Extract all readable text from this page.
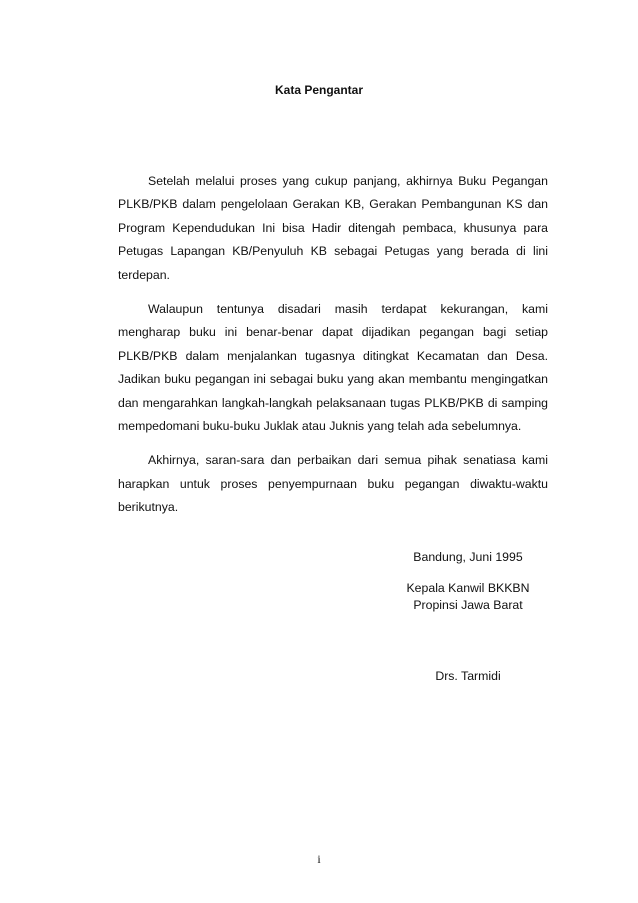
Kata Pengantar

Setelah melalui proses yang cukup panjang, akhirnya Buku Pegangan PLKB/PKB dalam pengelolaan Gerakan KB, Gerakan Pembangunan KS dan Program Kependudukan Ini bisa Hadir ditengah pembaca, khusunya para Petugas Lapangan KB/Penyuluh KB sebagai Petugas yang berada di lini terdepan.

Walaupun tentunya disadari masih terdapat kekurangan, kami mengharap buku ini benar-benar dapat dijadikan pegangan bagi setiap PLKB/PKB dalam menjalankan tugasnya ditingkat Kecamatan dan Desa. Jadikan buku pegangan ini sebagai buku yang akan membantu mengingatkan dan mengarahkan langkah-langkah pelaksanaan tugas PLKB/PKB di samping mempedomani buku-buku Juklak atau Juknis yang telah ada sebelumnya.

Akhirnya, saran-sara dan perbaikan dari semua pihak senatiasa kami harapkan untuk proses penyempurnaan buku pegangan diwaktu-waktu berikutnya.

Bandung, Juni 1995
Kepala Kanwil BKKBN
Propinsi Jawa Barat
Drs. Tarmidi
i
